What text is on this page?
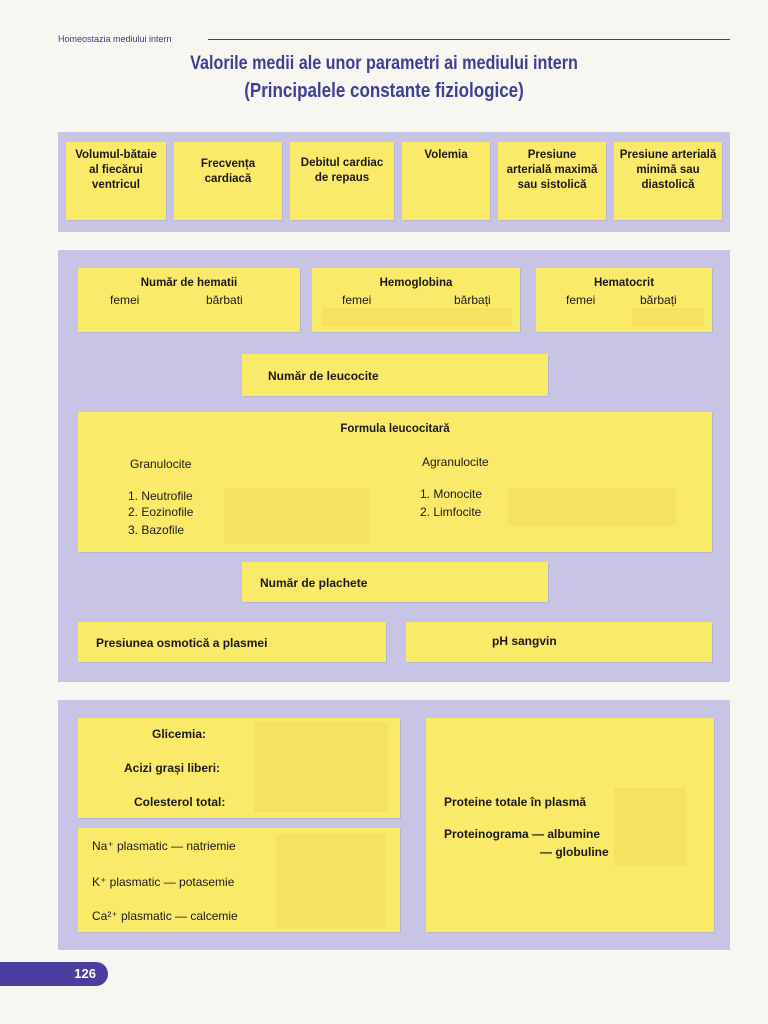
Homeostazia mediului intern
Valorile medii ale unor parametri ai mediului intern
(Principalele constante fiziologice)
Volumul-bătaie al fiecărui ventricul
Frecvența cardiacă
Debitul cardiac de repaus
Volemia	Presiune arterială maximă sau sistolică
Presiune arterială minimă sau diastolică
Număr de hematii
femei	bărbati
Hemoglobina
femei	bărbați
Hematocrit
femei	bărbați
Număr de leucocite
Formula leucocitară
Granulocite
1. Neutrofile
2. Eozinofile
3. Bazofile
Agranulocite
1. Monocite
2. Limfocite
Număr de plachete
Presiunea osmotică a plasmei	pH sangvin
Glicemia:
Acizi grași liberi:
Colesterol total:
Na⁺ plasmatic — natriemie
K⁺ plasmatic — potasemie
Ca²⁺ plasmatic — calcemie
Proteine totale în plasmă
Proteinograma — albumine
— globuline
126
